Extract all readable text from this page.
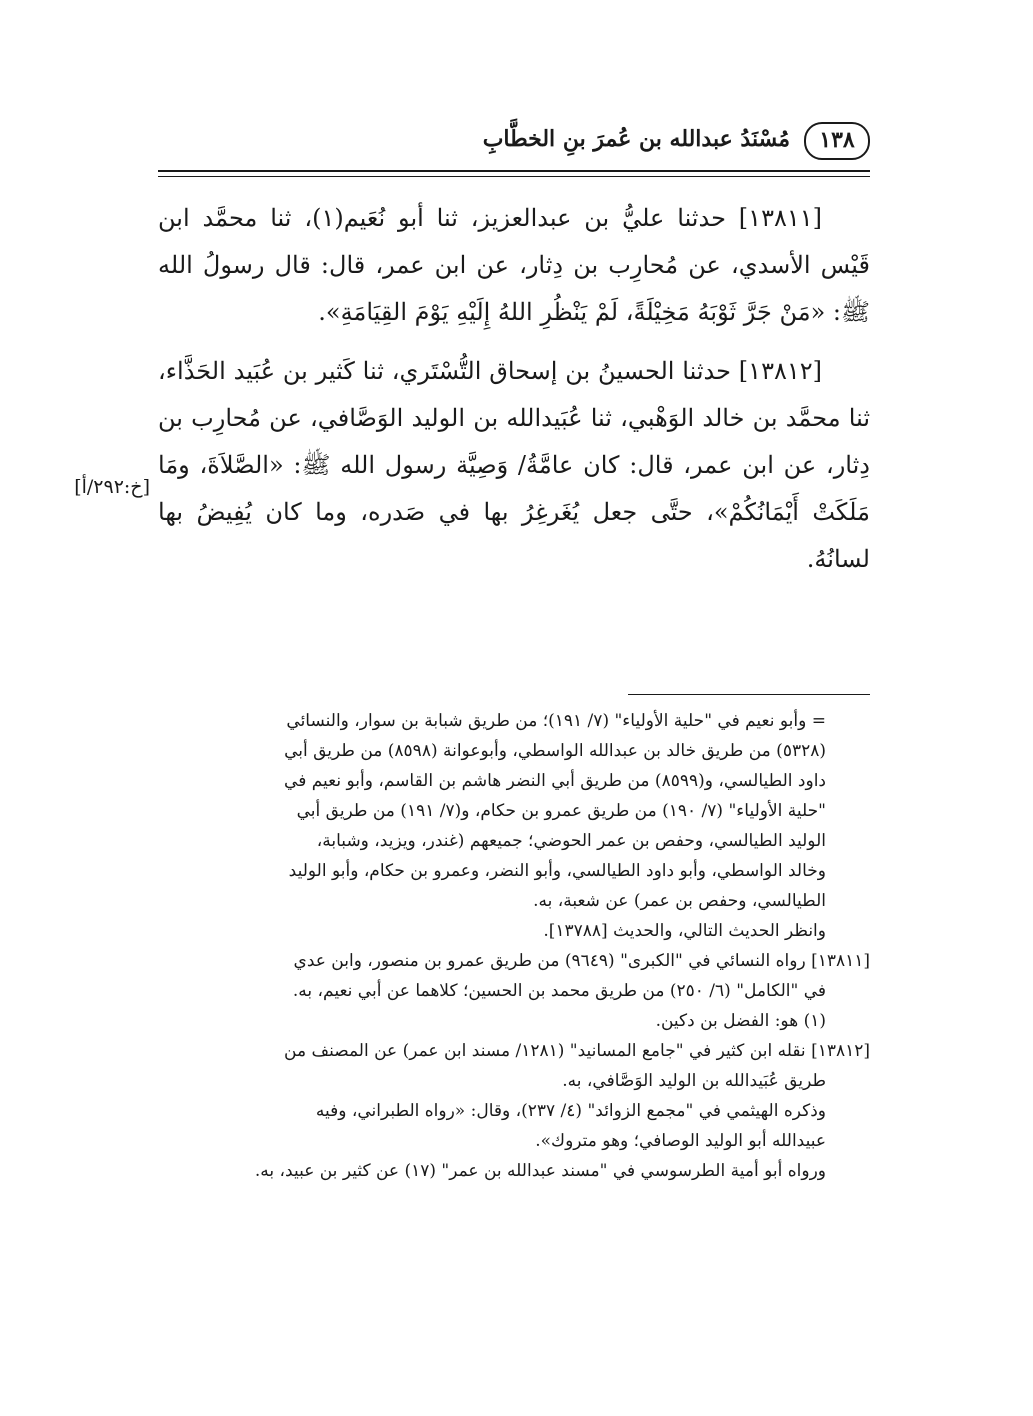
١٣٨
مُسْنَدُ عبدالله بن عُمرَ بنِ الخطَّابِ

[١٣٨١١] حدثنا عليُّ بن عبدالعزيز، ثنا أبو نُعَيم(١)، ثنا محمَّد ابن قَيْس الأسدي، عن مُحارِب بن دِثار، عن ابن عمر، قال: قال رسولُ الله ﷺ: «مَنْ جَرَّ ثَوْبَهُ مَخِيْلَةً، لَمْ يَنْظُرِ اللهُ إِلَيْهِ يَوْمَ القِيَامَةِ».

[١٣٨١٢] حدثنا الحسينُ بن إسحاق التُّسْتَري، ثنا كَثير بن عُبَيد الحَذَّاء، ثنا محمَّد بن خالد الوَهْبي، ثنا عُبَيدالله بن الوليد الوَصَّافي، عن مُحارِب بن دِثار، عن ابن عمر، قال: كان عامَّةُ/ وَصِيَّة رسول الله ﷺ: «الصَّلاَةَ، ومَا مَلَكَتْ أَيْمَانُكُمْ»، حتَّى جعل يُغَرغِرُ بها في صَدره، وما كان يُفِيضُ بها لسانُهُ.

[خ:٢٩٢/أ]
= وأبو نعيم في "حلية الأولياء" (٧/ ١٩١)؛ من طريق شبابة بن سوار، والنسائي
(٥٣٢٨) من طريق خالد بن عبدالله الواسطي، وأبوعوانة (٨٥٩٨) من طريق أبي
داود الطيالسي، و(٨٥٩٩) من طريق أبي النضر هاشم بن القاسم، وأبو نعيم في
"حلية الأولياء" (٧/ ١٩٠) من طريق عمرو بن حكام، و(٧/ ١٩١) من طريق أبي
الوليد الطيالسي، وحفص بن عمر الحوضي؛ جميعهم (غندر، ويزيد، وشبابة،
وخالد الواسطي، وأبو داود الطيالسي، وأبو النضر، وعمرو بن حكام، وأبو الوليد
الطيالسي، وحفص بن عمر) عن شعبة، به.
وانظر الحديث التالي، والحديث [١٣٧٨٨].
[١٣٨١١] رواه النسائي في "الكبرى" (٩٦٤٩) من طريق عمرو بن منصور، وابن عدي
في "الكامل" (٦/ ٢٥٠) من طريق محمد بن الحسين؛ كلاهما عن أبي نعيم، به.
(١) هو: الفضل بن دكين.
[١٣٨١٢] نقله ابن كثير في "جامع المسانيد" (١٢٨١/ مسند ابن عمر) عن المصنف من
طريق عُبَيدالله بن الوليد الوَصَّافي، به.
وذكره الهيثمي في "مجمع الزوائد" (٤/ ٢٣٧)، وقال: «رواه الطبراني، وفيه
عبيدالله أبو الوليد الوصافي؛ وهو متروك».
ورواه أبو أمية الطرسوسي في "مسند عبدالله بن عمر" (١٧) عن كثير بن عبيد، به.
